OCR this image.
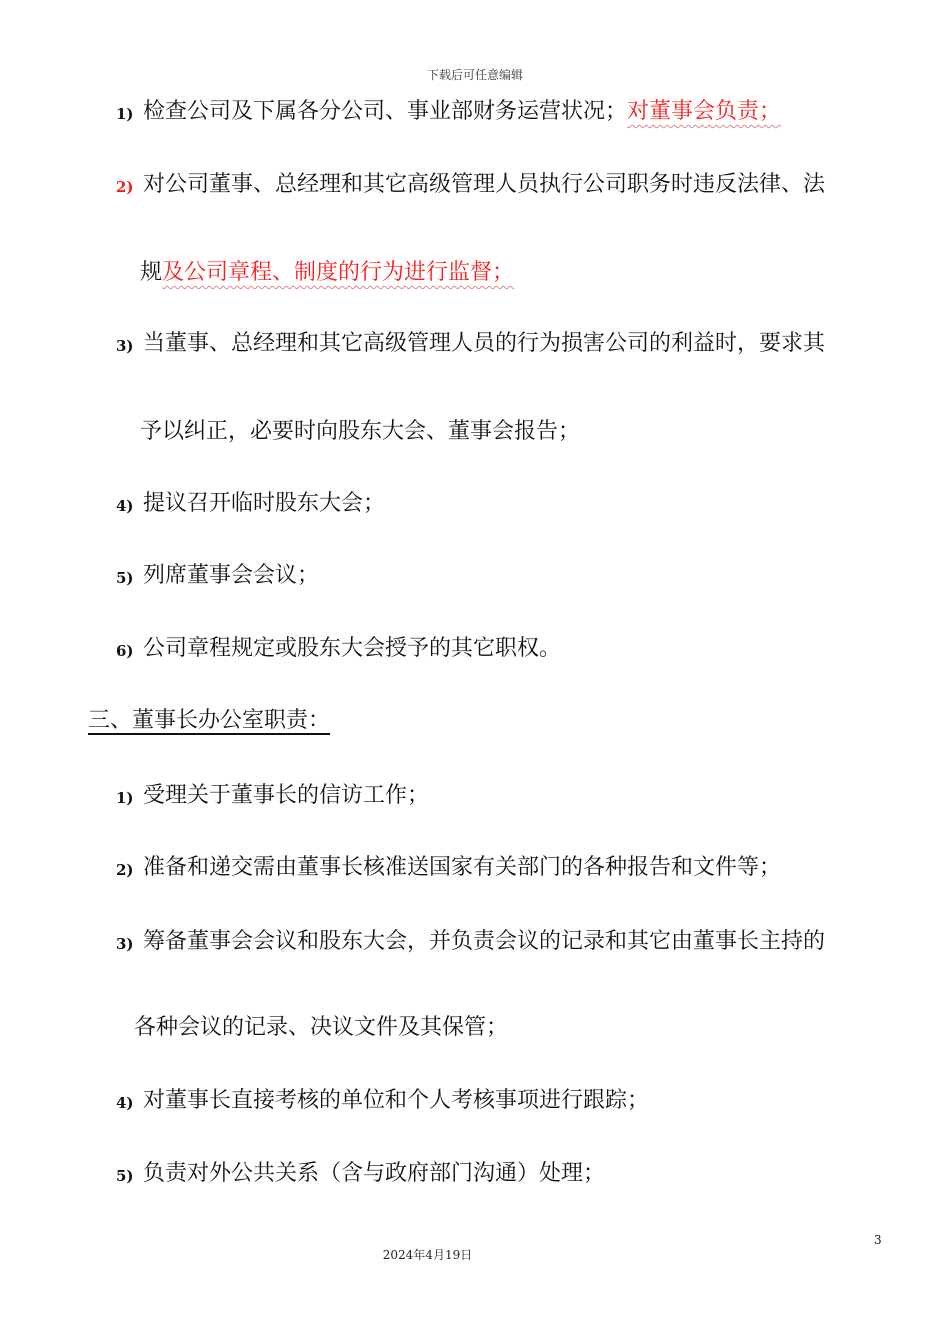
下载后可任意编辑
1) 检查公司及下属各分公司、事业部财务运营状况；对董事会负责；
2) 对公司董事、总经理和其它高级管理人员执行公司职务时违反法律、法
规及公司章程、制度的行为进行监督；
3) 当董事、总经理和其它高级管理人员的行为损害公司的利益时，要求其
予以纠正，必要时向股东大会、董事会报告；
4) 提议召开临时股东大会；
5) 列席董事会会议；
6) 公司章程规定或股东大会授予的其它职权。
三、董事长办公室职责：
1) 受理关于董事长的信访工作；
2) 准备和递交需由董事长核准送国家有关部门的各种报告和文件等；
3) 筹备董事会会议和股东大会，并负责会议的记录和其它由董事长主持的
各种会议的记录、决议文件及其保管；
4) 对董事长直接考核的单位和个人考核事项进行跟踪；
5) 负责对外公共关系（含与政府部门沟通）处理；
3
2024年4月19日
